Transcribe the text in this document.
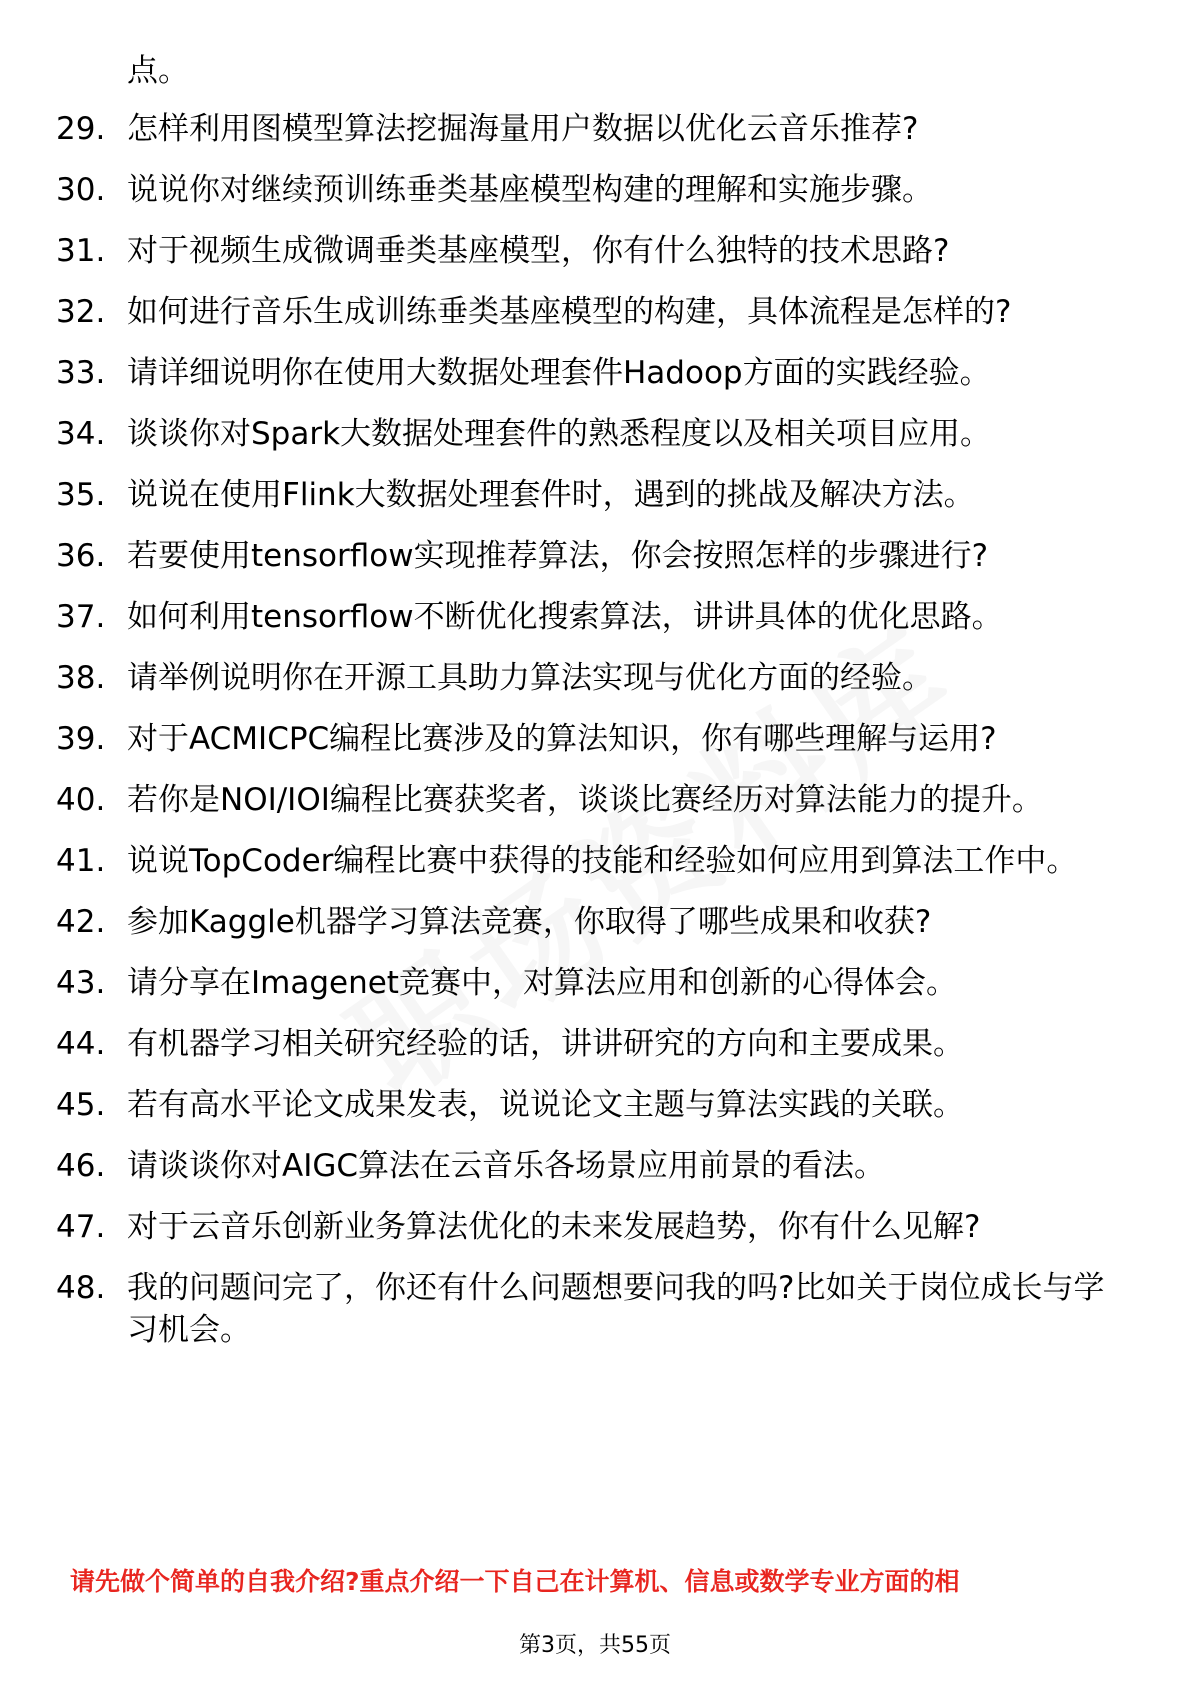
点。
29. 怎样利用图模型算法挖掘海量用户数据以优化云音乐推荐?
30. 说说你对继续预训练垂类基座模型构建的理解和实施步骤。
31. 对于视频生成微调垂类基座模型，你有什么独特的技术思路?
32. 如何进行音乐生成训练垂类基座模型的构建，具体流程是怎样的?
33. 请详细说明你在使用大数据处理套件Hadoop方面的实践经验。
34. 谈谈你对Spark大数据处理套件的熟悉程度以及相关项目应用。
35. 说说在使用Flink大数据处理套件时，遇到的挑战及解决方法。
36. 若要使用tensorflow实现推荐算法，你会按照怎样的步骤进行?
37. 如何利用tensorflow不断优化搜索算法，讲讲具体的优化思路。
38. 请举例说明你在开源工具助力算法实现与优化方面的经验。
39. 对于ACMICPC编程比赛涉及的算法知识，你有哪些理解与运用?
40. 若你是NOI/IOI编程比赛获奖者，谈谈比赛经历对算法能力的提升。
41. 说说TopCoder编程比赛中获得的技能和经验如何应用到算法工作中。
42. 参加Kaggle机器学习算法竞赛，你取得了哪些成果和收获?
43. 请分享在Imagenet竞赛中，对算法应用和创新的心得体会。
44. 有机器学习相关研究经验的话，讲讲研究的方向和主要成果。
45. 若有高水平论文成果发表，说说论文主题与算法实践的关联。
46. 请谈谈你对AIGC算法在云音乐各场景应用前景的看法。
47. 对于云音乐创新业务算法优化的未来发展趋势，你有什么见解?
48. 我的问题问完了，你还有什么问题想要问我的吗?比如关于岗位成长与学习机会。
请先做个简单的自我介绍?重点介绍一下自己在计算机、信息或数学专业方面的相
第3页，共55页
